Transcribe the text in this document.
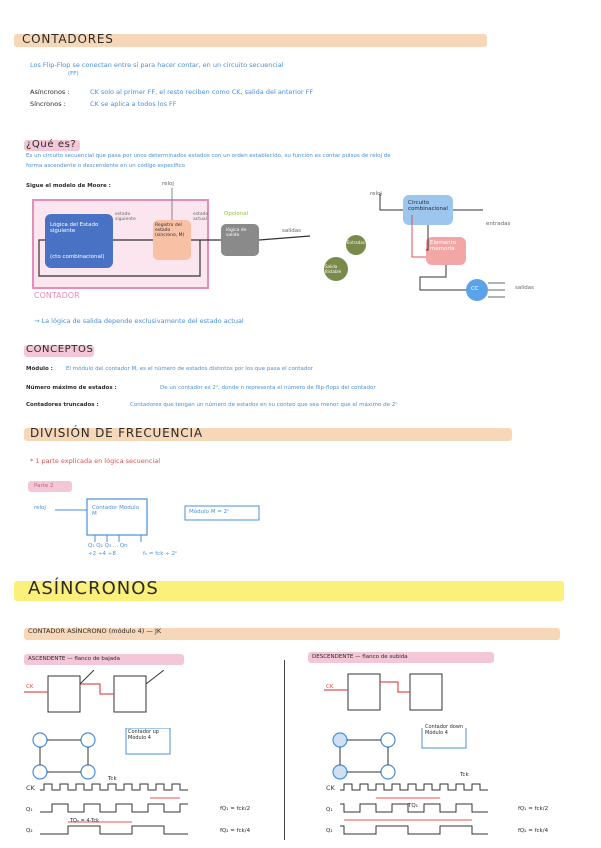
CONTADORES
Los Flip-Flop se conectan entre sí para hacer contar, en un circuito secuencial
(FF)
Asíncronos :	CK solo al primer FF, el resto reciben como CK, salida del anterior FF
Síncronos :	CK se aplica a todos los FF
¿Qué es?
Es un circuito secuencial que pasa por unos determinados estados con un orden establecido, su función es contar pulsos de reloj de
forma ascendente o descendente en un código específico
Sigue el modelo de Moore :	reloj
Lógica del Estado siguiente
(cto combinacional)
estado siguiente
Registro del estado (síncrono, M)
estado actual
Opcional
lógica de salida
salidas
CONTADOR
Entradas
Salida Bistable
reloj
Circuito combinacional
Elemento memoria
entradas
CC	salidas
→ La lógica de salida depende exclusivamente del estado actual
CONCEPTOS
Módulo : El módulo del contador M, es el número de estados distintos por los que pasa el contador
Número máximo de estados :	De un contador es 2ⁿ, donde n representa el número de flip-flops del contador
Contadores truncados :	Contadores que tengan un número de estados en su conteo que sea menor que el máximo de 2ⁿ
DIVISIÓN DE FRECUENCIA
* 1 parte explicada en lógica secuencial
Parte 2
reloj	Contador Módulo M	Módulo M = 2ⁿ
Q₁ Q₂ Q₃ ... Qn
÷2 ÷4 ÷8	fₙ = fck ÷ 2ⁿ
ASÍNCRONOS
CONTADOR ASÍNCRONO (módulo 4) — JK
ASCENDENTE — flanco de bajada	DESCENDENTE — flanco de subida
CK	CK
Contador up Módulo 4
Contador down Módulo 4
CK
Q₁
Q₂
Tck
TQ₂ = 4·Tck
fQ₁ = fck/2
fQ₂ = fck/4
CK
Q₁
Q₂
Tck
TQ₁	fQ₁ = fck/2
fQ₂ = fck/4
